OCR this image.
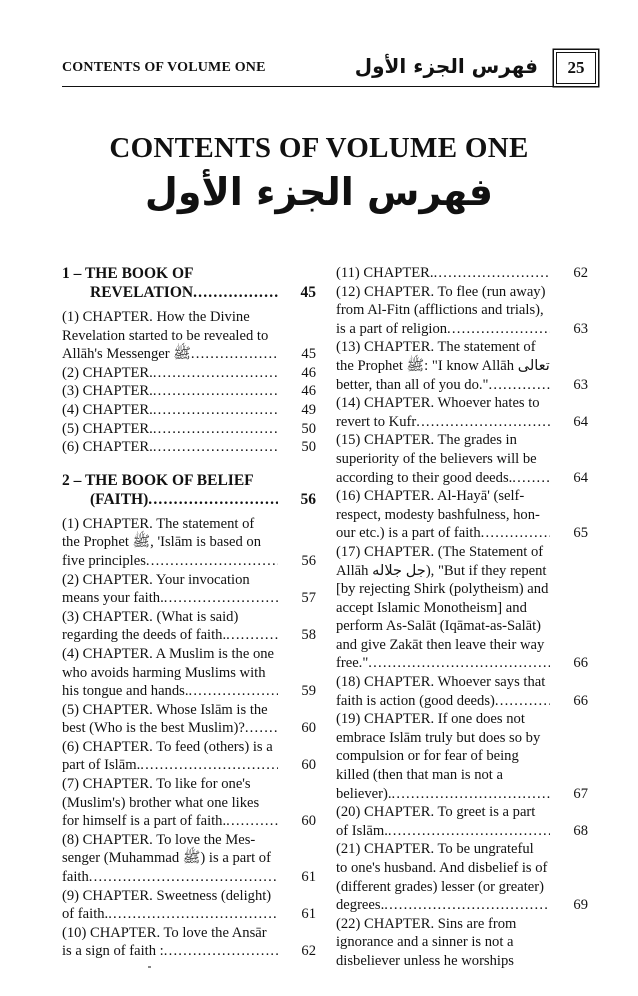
CONTENTS OF VOLUME ONE	فهرس الجزء الأول	25
CONTENTS OF VOLUME ONE
فهرس الجزء الأول
1 – THE BOOK OF
REVELATION .....	45
(1) CHAPTER. How the Divine
Revelation started to be revealed to
Allāh's Messenger ﷺ .....	45
(2) CHAPTER. .....	46
(3) CHAPTER. .....	46
(4) CHAPTER. .....	49
(5) CHAPTER. .....	50
(6) CHAPTER. .....	50
2 – THE BOOK OF BELIEF
(FAITH) .....	56
(1) CHAPTER. The statement of
the Prophet ﷺ, 'Islām is based on
five principles .....	56
(2) CHAPTER. Your invocation
means your faith. .....	57
(3) CHAPTER. (What is said)
regarding the deeds of faith. .....	58
(4) CHAPTER. A Muslim is the one
who avoids harming Muslims with
his tongue and hands. .....	59
(5) CHAPTER. Whose Islām is the
best (Who is the best Muslim)? .....	60
(6) CHAPTER. To feed (others) is a
part of Islām. .....	60
(7) CHAPTER. To like for one's
(Muslim's) brother what one likes
for himself is a part of faith. .....	60
(8) CHAPTER. To love the Mes-
senger (Muhammad ﷺ) is a part of
faith .....	61
(9) CHAPTER. Sweetness (delight)
of faith. .....	61
(10) CHAPTER. To love the Ansār
is a sign of faith : .....	62
(11) CHAPTER. .....	62
(12) CHAPTER. To flee (run away)
from Al-Fitn (afflictions and trials),
is a part of religion .....	63
(13) CHAPTER. The statement of
the Prophet ﷺ: "I know Allāh تعالى
better, than all of you do." .....	63
(14) CHAPTER. Whoever hates to
revert to Kufr .....	64
(15) CHAPTER. The grades in
superiority of the believers will be
according to their good deeds. .....	64
(16) CHAPTER. Al-Hayā' (self-
respect, modesty bashfulness, hon-
our etc.) is a part of faith .....	65
(17) CHAPTER. (The Statement of
Allāh جل جلاله), "But if they repent
[by rejecting Shirk (polytheism) and
accept Islamic Monotheism] and
perform As-Salāt (Iqāmat-as-Salāt)
and give Zakāt then leave their way
free." .....	66
(18) CHAPTER. Whoever says that
faith is action (good deeds) .....	66
(19) CHAPTER. If one does not
embrace Islām truly but does so by
compulsion or for fear of being
killed (then that man is not a
believer). .....	67
(20) CHAPTER. To greet is a part
of Islām. .....	68
(21) CHAPTER. To be ungrateful
to one's husband. And disbelief is of
(different grades) lesser (or greater)
degrees. .....	69
(22) CHAPTER. Sins are from
ignorance and a sinner is not a
disbeliever unless he worships
